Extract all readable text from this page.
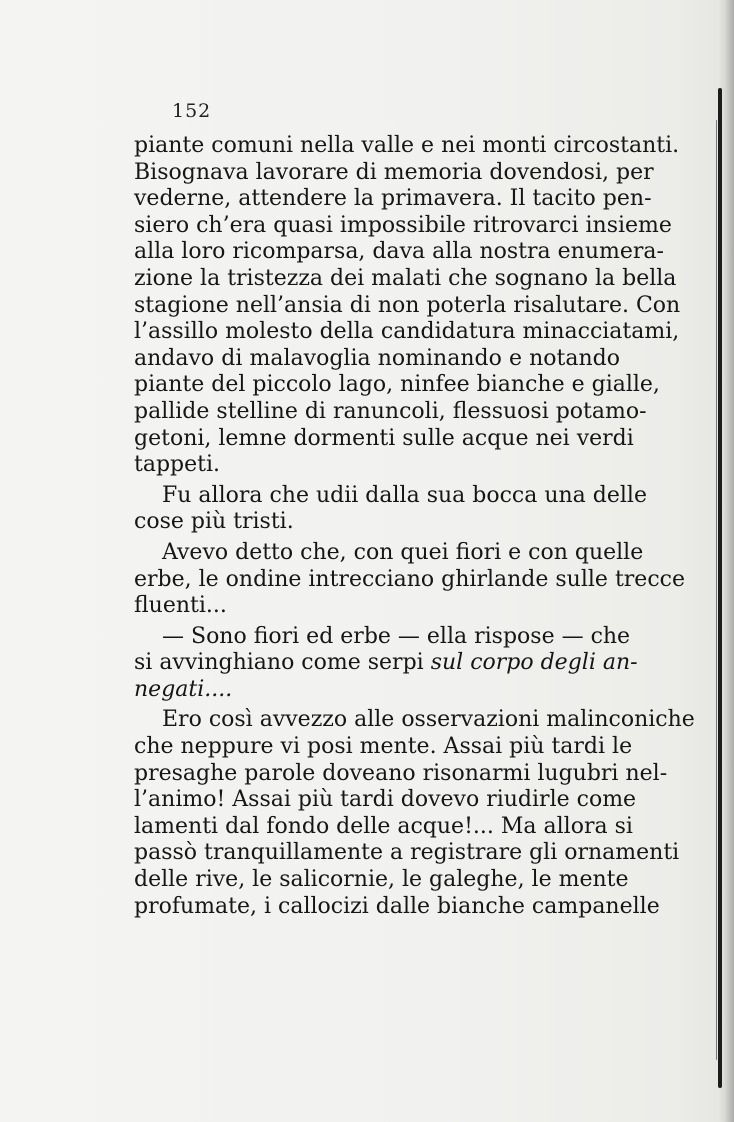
152
piante comuni nella valle e nei monti circostanti.
Bisognava lavorare di memoria dovendosi, per
vederne, attendere la primavera. Il tacito pen-
siero ch’era quasi impossibile ritrovarci insieme
alla loro ricomparsa, dava alla nostra enumera-
zione la tristezza dei malati che sognano la bella
stagione nell’ansia di non poterla risalutare. Con
l’assillo molesto della candidatura minacciatami,
andavo di malavoglia nominando e notando
piante del piccolo lago, ninfee bianche e gialle,
pallide stelline di ranuncoli, flessuosi potamo-
getoni, lemne dormenti sulle acque nei verdi
tappeti.
Fu allora che udii dalla sua bocca una delle
cose più tristi.
Avevo detto che, con quei fiori e con quelle
erbe, le ondine intrecciano ghirlande sulle trecce
fluenti...
— Sono fiori ed erbe — ella rispose — che
si avvinghiano come serpi sul corpo degli an-
negati....
Ero così avvezzo alle osservazioni malinconiche
che neppure vi posi mente. Assai più tardi le
presaghe parole doveano risonarmi lugubri nel-
l’animo! Assai più tardi dovevo riudirle come
lamenti dal fondo delle acque!... Ma allora si
passò tranquillamente a registrare gli ornamenti
delle rive, le salicornie, le galeghe, le mente
profumate, i callocizi dalle bianche campanelle
